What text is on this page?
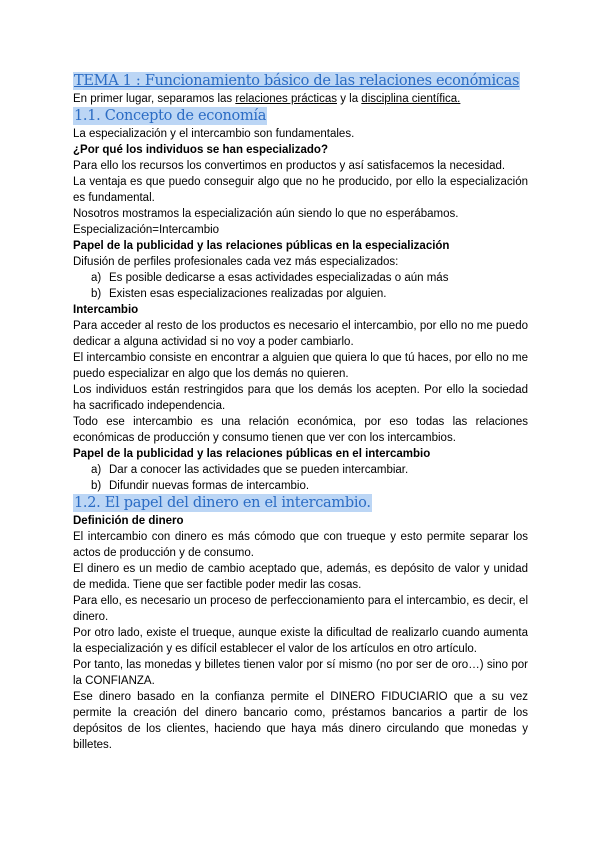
TEMA 1 : Funcionamiento básico de las relaciones económicas

En primer lugar, separamos las relaciones prácticas y la disciplina científica.

1.1. Concepto de economía

La especialización y el intercambio son fundamentales.

¿Por qué los individuos se han especializado?

Para ello los recursos los convertimos en productos y así satisfacemos la necesidad.

La ventaja es que puedo conseguir algo que no he producido, por ello la especialización es fundamental.

Nosotros mostramos la especialización aún siendo lo que no esperábamos.

Especialización=Intercambio

Papel de la publicidad y las relaciones públicas en la especialización

Difusión de perfiles profesionales cada vez más especializados:

a) Es posible dedicarse a esas actividades especializadas o aún más
b) Existen esas especializaciones realizadas por alguien.

Intercambio

Para acceder al resto de los productos es necesario el intercambio, por ello no me puedo dedicar a alguna actividad si no voy a poder cambiarlo.

El intercambio consiste en encontrar a alguien que quiera lo que tú haces, por ello no me puedo especializar en algo que los demás no quieren.

Los individuos están restringidos para que los demás los acepten. Por ello la sociedad ha sacrificado independencia.

Todo ese intercambio es una relación económica, por eso todas las relaciones económicas de producción y consumo tienen que ver con los intercambios.

Papel de la publicidad y las relaciones públicas en el intercambio

a) Dar a conocer las actividades que se pueden intercambiar.
b) Difundir nuevas formas de intercambio.
1.2. El papel del dinero en el intercambio.

Definición de dinero

El intercambio con dinero es más cómodo que con trueque y esto permite separar los actos de producción y de consumo.

El dinero es un medio de cambio aceptado que, además, es depósito de valor y unidad de medida. Tiene que ser factible poder medir las cosas.

Para ello, es necesario un proceso de perfeccionamiento para el intercambio, es decir, el dinero.

Por otro lado, existe el trueque, aunque existe la dificultad de realizarlo cuando aumenta la especialización y es difícil establecer el valor de los artículos en otro artículo.

Por tanto, las monedas y billetes tienen valor por sí mismo (no por ser de oro…) sino por la CONFIANZA.

Ese dinero basado en la confianza permite el DINERO FIDUCIARIO que a su vez permite la creación del dinero bancario como, préstamos bancarios a partir de los depósitos de los clientes, haciendo que haya más dinero circulando que monedas y billetes.
